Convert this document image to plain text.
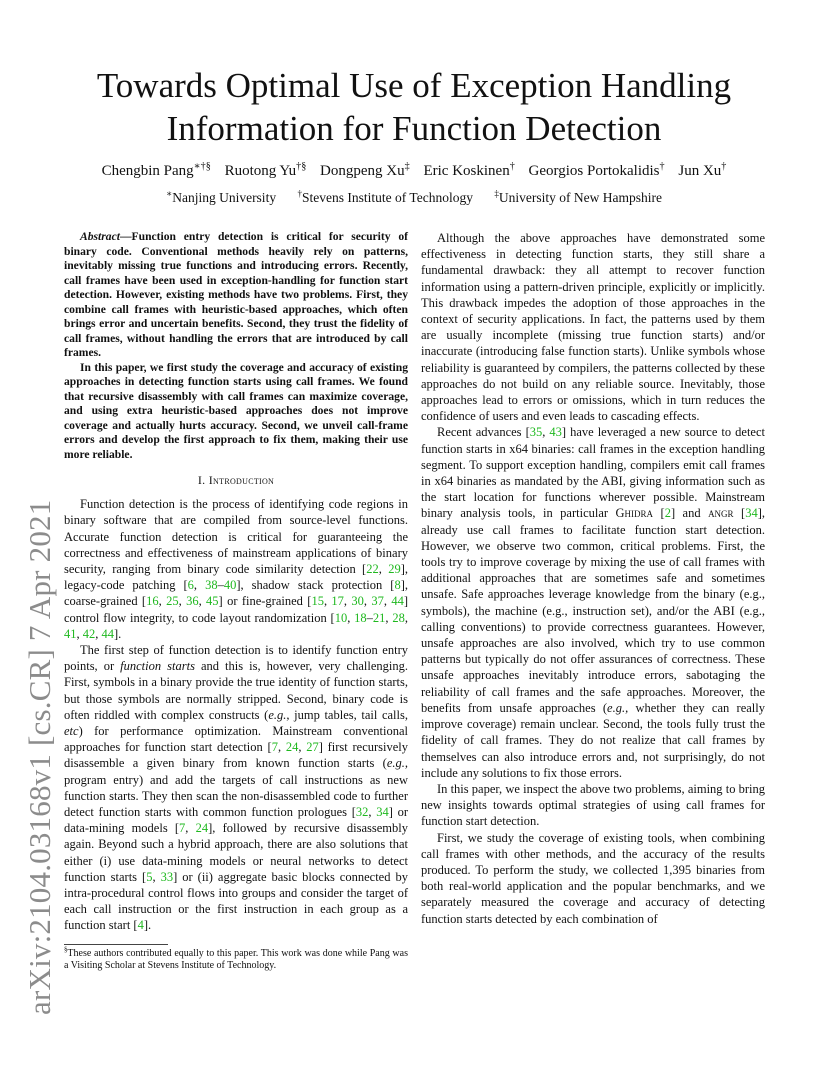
arXiv:2104.03168v1 [cs.CR] 7 Apr 2021
Towards Optimal Use of Exception Handling
Information for Function Detection
Chengbin Pang∗†§ Ruotong Yu†§ Dongpeng Xu‡ Eric Koskinen† Georgios Portokalidis† Jun Xu†
∗Nanjing University †Stevens Institute of Technology ‡University of New Hampshire

Abstract—Function entry detection is critical for security of binary code. Conventional methods heavily rely on patterns, inevitably missing true functions and introducing errors. Recently, call frames have been used in exception-handling for function start detection. However, existing methods have two problems. First, they combine call frames with heuristic-based approaches, which often brings error and uncertain benefits. Second, they trust the fidelity of call frames, without handling the errors that are introduced by call frames.

In this paper, we first study the coverage and accuracy of existing approaches in detecting function starts using call frames. We found that recursive disassembly with call frames can maximize coverage, and using extra heuristic-based approaches does not improve coverage and actually hurts accuracy. Second, we unveil call-frame errors and develop the first approach to fix them, making their use more reliable.

I. Introduction

Function detection is the process of identifying code regions in binary software that are compiled from source-level functions. Accurate function detection is critical for guaranteeing the correctness and effectiveness of mainstream applications of binary security, ranging from binary code similarity detection [22, 29], legacy-code patching [6, 38–40], shadow stack protection [8], coarse-grained [16, 25, 36, 45] or fine-grained [15, 17, 30, 37, 44] control flow integrity, to code layout randomization [10, 18–21, 28, 41, 42, 44].

The first step of function detection is to identify function entry points, or function starts and this is, however, very challenging. First, symbols in a binary provide the true identity of function starts, but those symbols are normally stripped. Second, binary code is often riddled with complex constructs (e.g., jump tables, tail calls, etc) for performance optimization. Mainstream conventional approaches for function start detection [7, 24, 27] first recursively disassemble a given binary from known function starts (e.g., program entry) and add the targets of call instructions as new function starts. They then scan the non-disassembled code to further detect function starts with common function prologues [32, 34] or data-mining models [7, 24], followed by recursive disassembly again. Beyond such a hybrid approach, there are also solutions that either (i) use data-mining models or neural networks to detect function starts [5, 33] or (ii) aggregate basic blocks connected by intra-procedural control flows into groups and consider the target of each call instruction or the first instruction in each group as a function start [4].

Although the above approaches have demonstrated some effectiveness in detecting function starts, they still share a fundamental drawback: they all attempt to recover function information using a pattern-driven principle, explicitly or implicitly. This drawback impedes the adoption of those approaches in the context of security applications. In fact, the patterns used by them are usually incomplete (missing true function starts) and/or inaccurate (introducing false function starts). Unlike symbols whose reliability is guaranteed by compilers, the patterns collected by these approaches do not build on any reliable source. Inevitably, those approaches lead to errors or omissions, which in turn reduces the confidence of users and even leads to cascading effects.

Recent advances [35, 43] have leveraged a new source to detect function starts in x64 binaries: call frames in the exception handling segment. To support exception handling, compilers emit call frames in x64 binaries as mandated by the ABI, giving information such as the start location for functions wherever possible. Mainstream binary analysis tools, in particular Ghidra [2] and angr [34], already use call frames to facilitate function start detection. However, we observe two common, critical problems. First, the tools try to improve coverage by mixing the use of call frames with additional approaches that are sometimes safe and sometimes unsafe. Safe approaches leverage knowledge from the binary (e.g., symbols), the machine (e.g., instruction set), and/or the ABI (e.g., calling conventions) to provide correctness guarantees. However, unsafe approaches are also involved, which try to use common patterns but typically do not offer assurances of correctness. These unsafe approaches inevitably introduce errors, sabotaging the reliability of call frames and the safe approaches. Moreover, the benefits from unsafe approaches (e.g., whether they can really improve coverage) remain unclear. Second, the tools fully trust the fidelity of call frames. They do not realize that call frames by themselves can also introduce errors and, not surprisingly, do not include any solutions to fix those errors.

In this paper, we inspect the above two problems, aiming to bring new insights towards optimal strategies of using call frames for function start detection.

First, we study the coverage of existing tools, when combining call frames with other methods, and the accuracy of the results produced. To perform the study, we collected 1,395 binaries from both real-world application and the popular benchmarks, and we separately measured the coverage and accuracy of detecting function starts detected by each combination of

§These authors contributed equally to this paper. This work was done while Pang was a Visiting Scholar at Stevens Institute of Technology.
